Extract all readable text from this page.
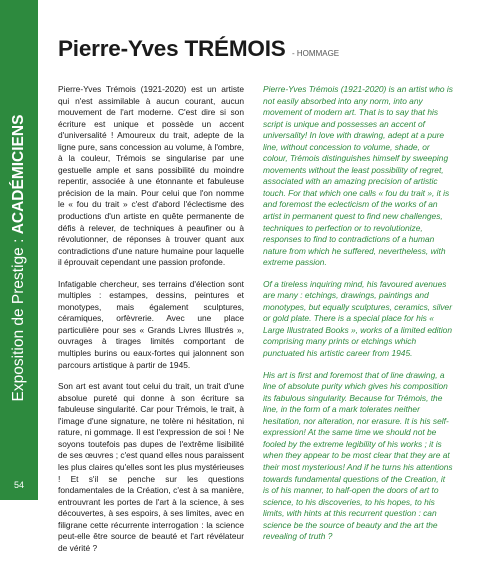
Exposition de Prestige : ACADÉMICIENS
54
Pierre-Yves TRÉMOIS - HOMMAGE

Pierre-Yves Trémois (1921-2020) est un artiste qui n'est assimilable à aucun courant, aucun mouvement de l'art moderne. C'est dire si son écriture est unique et possède un accent d'universalité ! Amoureux du trait, adepte de la ligne pure, sans concession au volume, à l'ombre, à la couleur, Trémois se singularise par une gestuelle ample et sans possibilité du moindre repentir, associée à une étonnante et fabuleuse précision de la main. Pour celui que l'on nomme le « fou du trait » c'est d'abord l'éclectisme des productions d'un artiste en quête permanente de défis à relever, de techniques à peaufiner ou à révolutionner, de réponses à trouver quant aux contradictions d'une nature humaine pour laquelle il éprouvait cependant une passion profonde.

Infatigable chercheur, ses terrains d'élection sont multiples : estampes, dessins, peintures et monotypes, mais également sculptures, céramiques, orfèvrerie. Avec une place particulière pour ses « Grands Livres Illustrés », ouvrages à tirages limités comportant de multiples burins ou eaux-fortes qui jalonnent son parcours artistique à partir de 1945.

Son art est avant tout celui du trait, un trait d'une absolue pureté qui donne à son écriture sa fabuleuse singularité. Car pour Trémois, le trait, à l'image d'une signature, ne tolère ni hésitation, ni rature, ni gommage. Il est l'expression de soi ! Ne soyons toutefois pas dupes de l'extrême lisibilité de ses œuvres ; c'est quand elles nous paraissent les plus claires qu'elles sont les plus mystérieuses ! Et s'il se penche sur les questions fondamentales de la Création, c'est à sa manière, entrouvrant les portes de l'art à la science, à ses découvertes, à ses espoirs, à ses limites, avec en filigrane cette récurrente interrogation : la science peut-elle être source de beauté et l'art révélateur de vérité ?

Pierre-Yves Trémois (1921-2020) is an artist who is not easily absorbed into any norm, into any movement of modern art. That is to say that his script is unique and possesses an accent of universality! In love with drawing, adept at a pure line, without concession to volume, shade, or colour, Trémois distinguishes himself by sweeping movements without the least possibility of regret, associated with an amazing precision of artistic touch. For that which one calls « fou du trait », it is and foremost the eclecticism of the works of an artist in permanent quest to find new challenges, techniques to perfection or to revolutionize, responses to find to contradictions of a human nature from which he suffered, nevertheless, with extreme passion.

Of a tireless inquiring mind, his favoured avenues are many : etchings, drawings, paintings and monotypes, but equally sculptures, ceramics, silver or gold plate. There is a special place for his « Large Illustrated Books », works of a limited edition comprising many prints or etchings which punctuated his artistic career from 1945.

His art is first and foremost that of line drawing, a line of absolute purity which gives his composition its fabulous singularity. Because for Trémois, the line, in the form of a mark tolerates neither hesitation, nor alteration, nor erasure. It is his self-expression! At the same time we should not be fooled by the extreme legibility of his works ; it is when they appear to be most clear that they are at their most mysterious! And if he turns his attentions towards fundamental questions of the Creation, it is of his manner, to half-open the doors of art to science, to his discoveries, to his hopes, to his limits, with hints at this recurrent question : can science be the source of beauty and the art the revealing of truth ?
